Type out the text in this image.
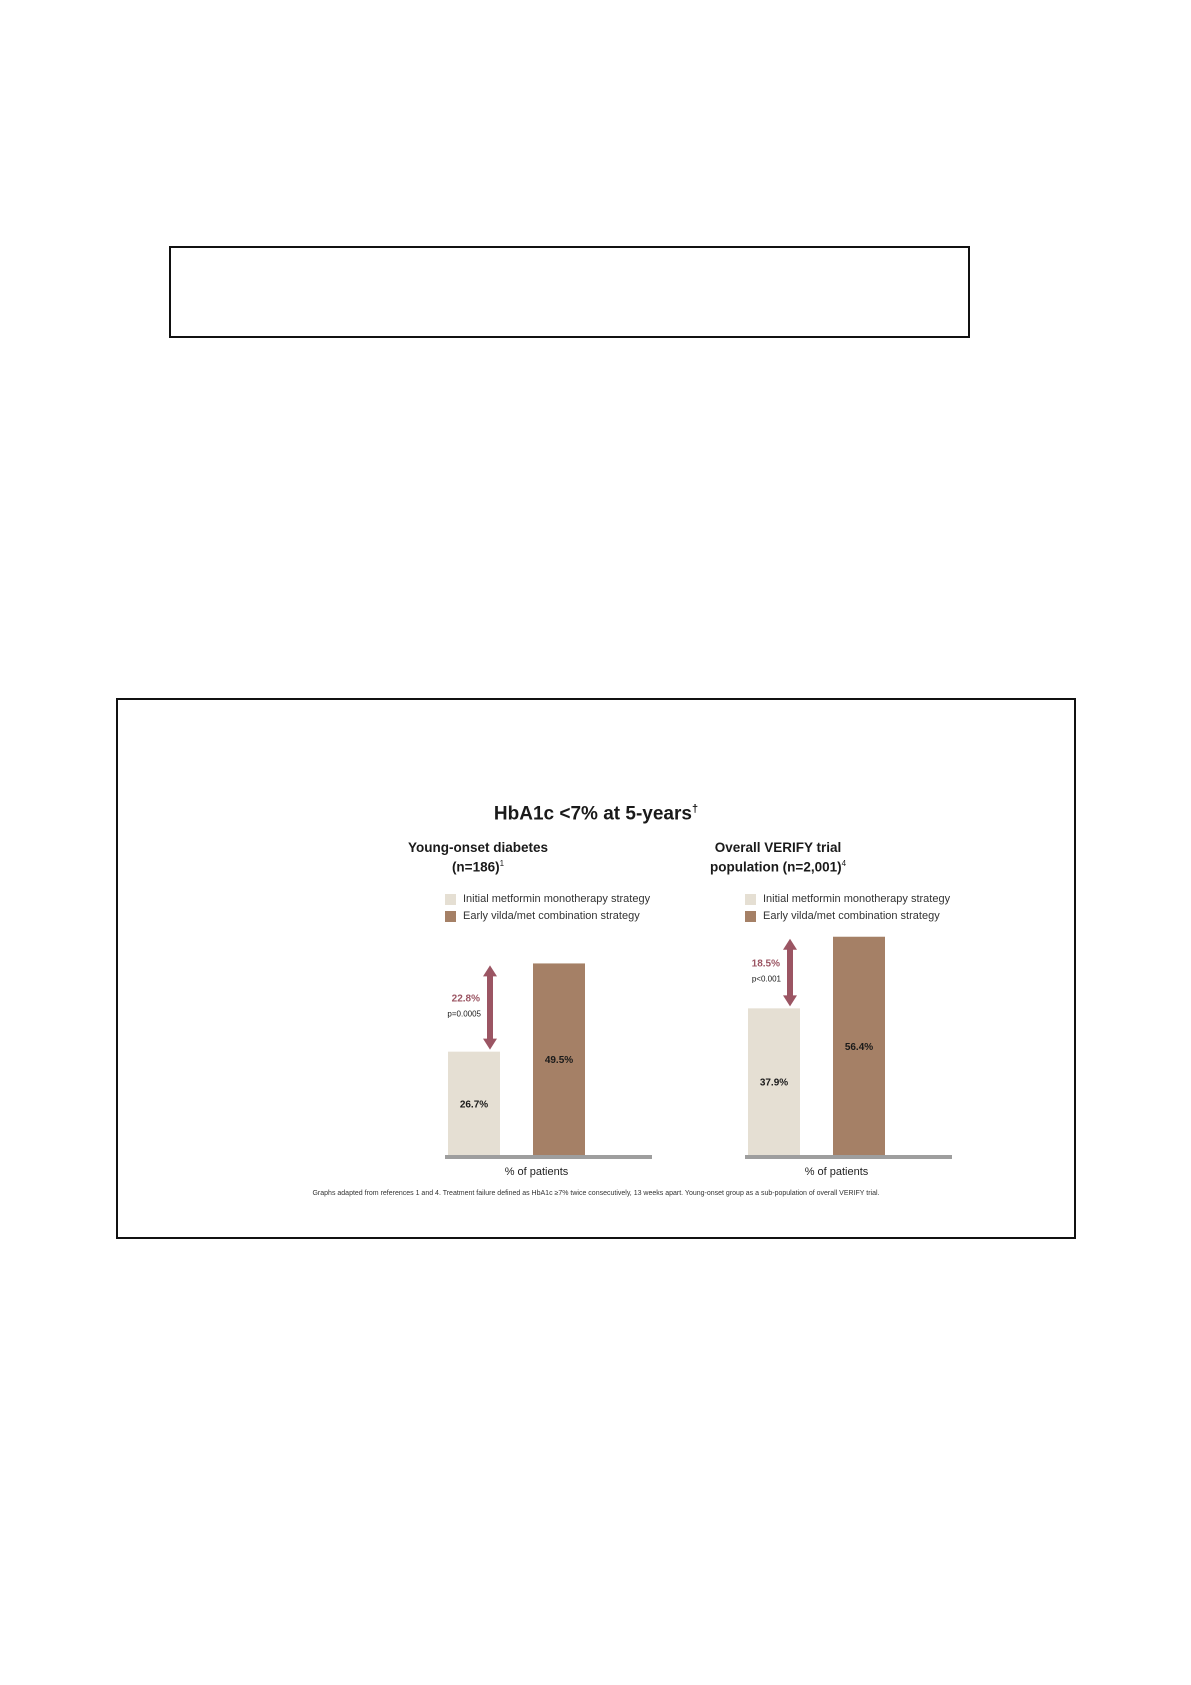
HbA1c <7% at 5-years†
Young-onset diabetes
(n=186)$^1$
Initial metformin monotherapy strategy
Early vilda/met combination strategy
26.7%
49.5%
% of patients
22.8%
p=0.0005
Overall VERIFY trial
population (n=2,001)$^4$
Initial metformin monotherapy strategy
Early vilda/met combination strategy
37.9%
56.4%
% of patients
18.5%
p<0.001
Graphs adapted from references 1 and 4. Treatment failure defined as HbA1c ≥7% twice consecutively, 13 weeks apart. Young-onset group as a sub-population of overall VERIFY trial.
